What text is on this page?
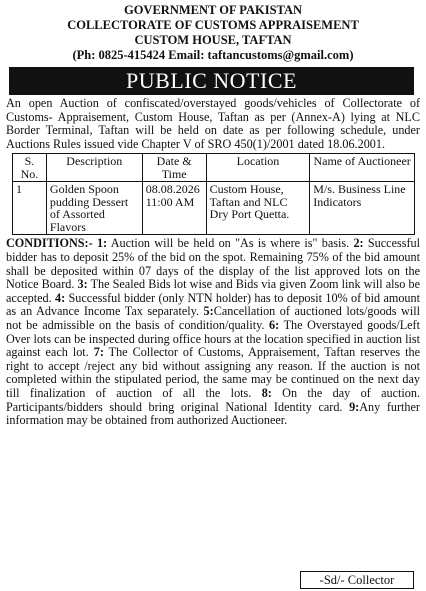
GOVERNMENT OF PAKISTAN
COLLECTORATE OF CUSTOMS APPRAISEMENT
CUSTOM HOUSE, TAFTAN
(Ph: 0825-415424 Email: taftancustoms@gmail.com)
PUBLIC NOTICE
An open Auction of confiscated/overstayed goods/vehicles of Collectorate of Customs- Appraisement, Custom House, Taftan as per (Annex-A) lying at NLC Border Terminal, Taftan will be held on date as per following schedule, under Auctions Rules issued vide Chapter V of SRO 450(1)/2001 dated 18.06.2001.
S. No.	Description	Date & Time	Location	Name of Auctioneer
1	Golden Spoon pudding Dessert of Assorted Flavors	08.08.2026 11:00 AM	Custom House, Taftan and NLC Dry Port Quetta.	M/s. Business Line Indicators
CONDITIONS:- 1: Auction will be held on "As is where is" basis. 2: Successful bidder has to deposit 25% of the bid on the spot. Remaining 75% of the bid amount shall be deposited within 07 days of the display of the list approved lots on the Notice Board. 3: The Sealed Bids lot wise and Bids via given Zoom link will also be accepted. 4: Successful bidder (only NTN holder) has to deposit 10% of bid amount as an Advance Income Tax separately. 5:Cancellation of auctioned lots/goods will not be admissible on the basis of condition/quality. 6: The Overstayed goods/Left Over lots can be inspected during office hours at the location specified in auction list against each lot. 7: The Collector of Customs, Appraisement, Taftan reserves the right to accept /reject any bid without assigning any reason. If the auction is not completed within the stipulated period, the same may be continued on the next day till finalization of auction of all the lots. 8: On the day of auction. Participants/bidders should bring original National Identity card. 9:Any further information may be obtained from authorized Auctioneer.
-Sd/- Collector
